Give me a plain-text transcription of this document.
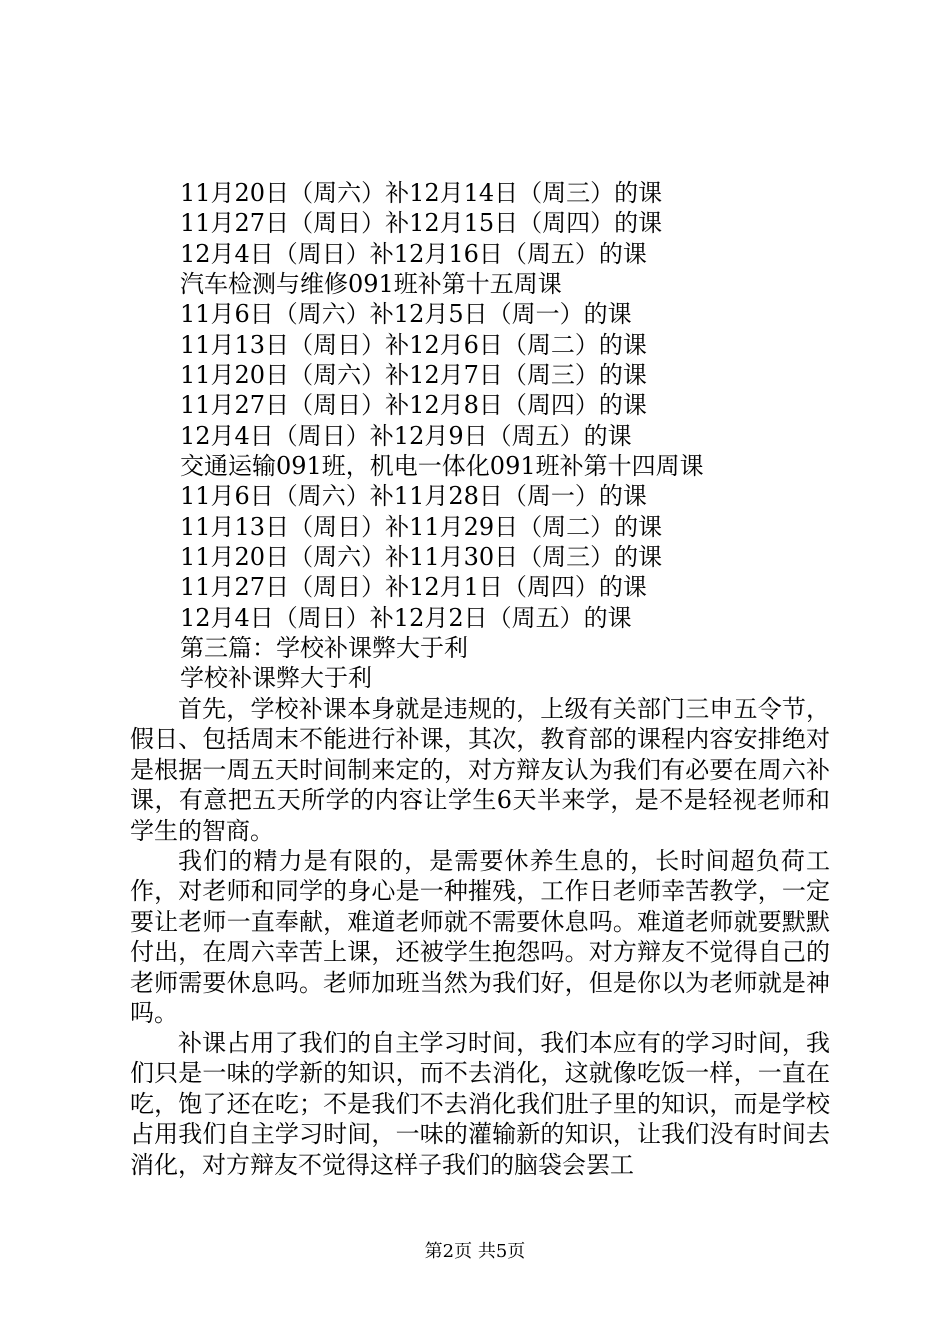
11月20日（周六）补12月14日（周三）的课
11月27日（周日）补12月15日（周四）的课
12月4日（周日）补12月16日（周五）的课
汽车检测与维修091班补第十五周课
11月6日（周六）补12月5日（周一）的课
11月13日（周日）补12月6日（周二）的课
11月20日（周六）补12月7日（周三）的课
11月27日（周日）补12月8日（周四）的课
12月4日（周日）补12月9日（周五）的课
交通运输091班，机电一体化091班补第十四周课
11月6日（周六）补11月28日（周一）的课
11月13日（周日）补11月29日（周二）的课
11月20日（周六）补11月30日（周三）的课
11月27日（周日）补12月1日（周四）的课
12月4日（周日）补12月2日（周五）的课
第三篇：学校补课弊大于利
学校补课弊大于利

首先，学校补课本身就是违规的，上级有关部门三申五令节，假日、包括周末不能进行补课，其次，教育部的课程内容安排绝对是根据一周五天时间制来定的，对方辩友认为我们有必要在周六补课，有意把五天所学的内容让学生6天半来学，是不是轻视老师和学生的智商。

我们的精力是有限的，是需要休养生息的，长时间超负荷工作，对老师和同学的身心是一种摧残，工作日老师幸苦教学，一定要让老师一直奉献，难道老师就不需要休息吗。难道老师就要默默付出，在周六幸苦上课，还被学生抱怨吗。对方辩友不觉得自己的老师需要休息吗。老师加班当然为我们好，但是你以为老师就是神吗。

补课占用了我们的自主学习时间，我们本应有的学习时间，我们只是一味的学新的知识，而不去消化，这就像吃饭一样，一直在吃，饱了还在吃；不是我们不去消化我们肚子里的知识，而是学校占用我们自主学习时间，一味的灌输新的知识，让我们没有时间去消化，对方辩友不觉得这样子我们的脑袋会罢工

第2页 共5页
